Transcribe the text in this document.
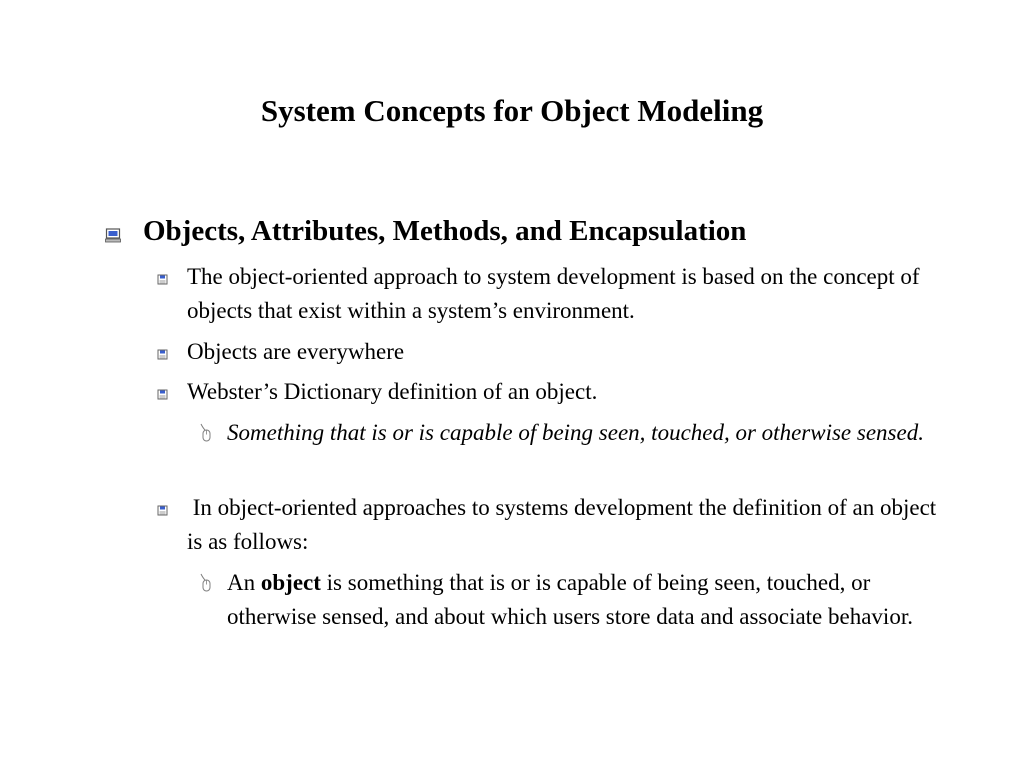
System Concepts for Object Modeling
Objects, Attributes, Methods, and Encapsulation
The object-oriented approach to system development is based on the concept of objects that exist within a system’s environment.
Objects are everywhere
Webster’s Dictionary definition of an object.
Something that is or is capable of being seen, touched, or otherwise sensed.
In object-oriented approaches to systems development the definition of an object is as follows:
An object is something that is or is capable of being seen, touched, or otherwise sensed, and about which users store data and associate behavior.
